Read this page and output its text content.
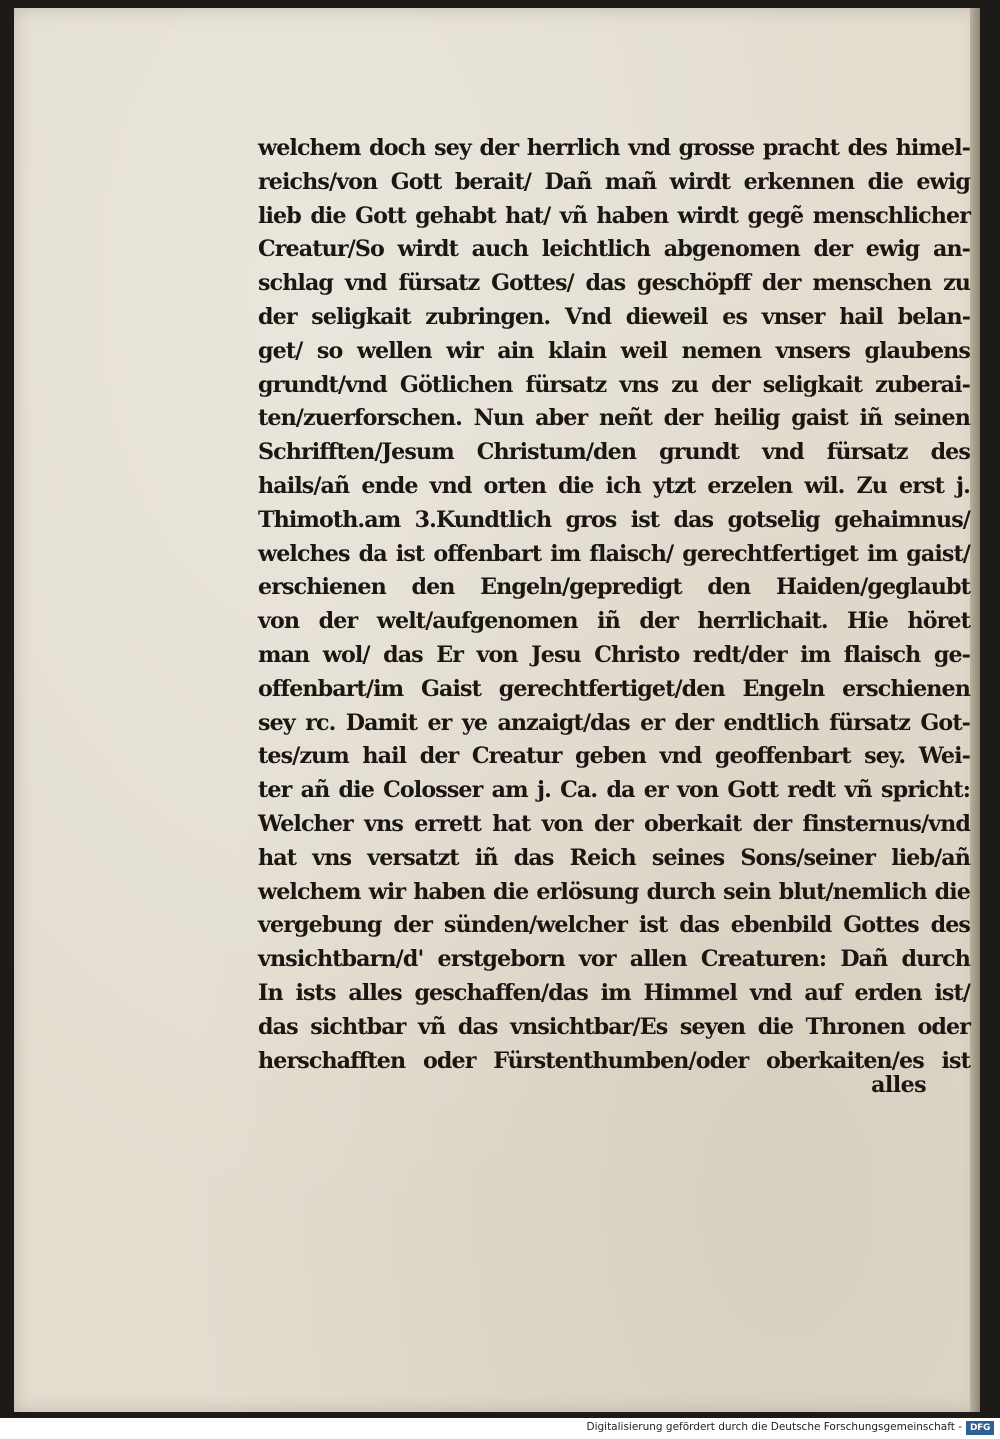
welchem doch sey der herrlich vnd grosse pracht des himel-
reichs/von Gott berait/ Dañ mañ wirdt erkennen die ewig
lieb die Gott gehabt hat/ vñ haben wirdt gegẽ menschlicher
Creatur/So wirdt auch leichtlich abgenomen der ewig an-
schlag vnd fürsatz Gottes/ das geschöpff der menschen zu
der seligkait zubringen. Vnd dieweil es vnser hail belan-
get/ so wellen wir ain klain weil nemen vnsers glaubens
grundt/vnd Götlichen fürsatz vns zu der seligkait zuberai-
ten/zuerforschen. Nun aber neñt der heilig gaist iñ seinen
Schrifften/Jesum Christum/den grundt vnd fürsatz des
hails/añ ende vnd orten die ich ytzt erzelen wil. Zu erst j.
Thimoth.am 3.Kundtlich gros ist das gotselig gehaimnus/
welches da ist offenbart im flaisch/ gerechtfertiget im gaist/
erschienen den Engeln/gepredigt den Haiden/geglaubt
von der welt/aufgenomen iñ der herrlichait. Hie höret
man wol/ das Er von Jesu Christo redt/der im flaisch ge-
offenbart/im Gaist gerechtfertiget/den Engeln erschienen
sey rc. Damit er ye anzaigt/das er der endtlich fürsatz Got-
tes/zum hail der Creatur geben vnd geoffenbart sey. Wei-
ter añ die Colosser am j. Ca. da er von Gott redt vñ spricht:
Welcher vns errett hat von der oberkait der finsternus/vnd
hat vns versatzt iñ das Reich seines Sons/seiner lieb/añ
welchem wir haben die erlösung durch sein blut/nemlich die
vergebung der sünden/welcher ist das ebenbild Gottes des
vnsichtbarn/d' erstgeborn vor allen Creaturen: Dañ durch
In ists alles geschaffen/das im Himmel vnd auf erden ist/
das sichtbar vñ das vnsichtbar/Es seyen die Thronen oder
herschafften oder Fürstenthumben/oder oberkaiten/es ist
alles
Digitalisierung gefördert durch die Deutsche Forschungsgemeinschaft - DFG
